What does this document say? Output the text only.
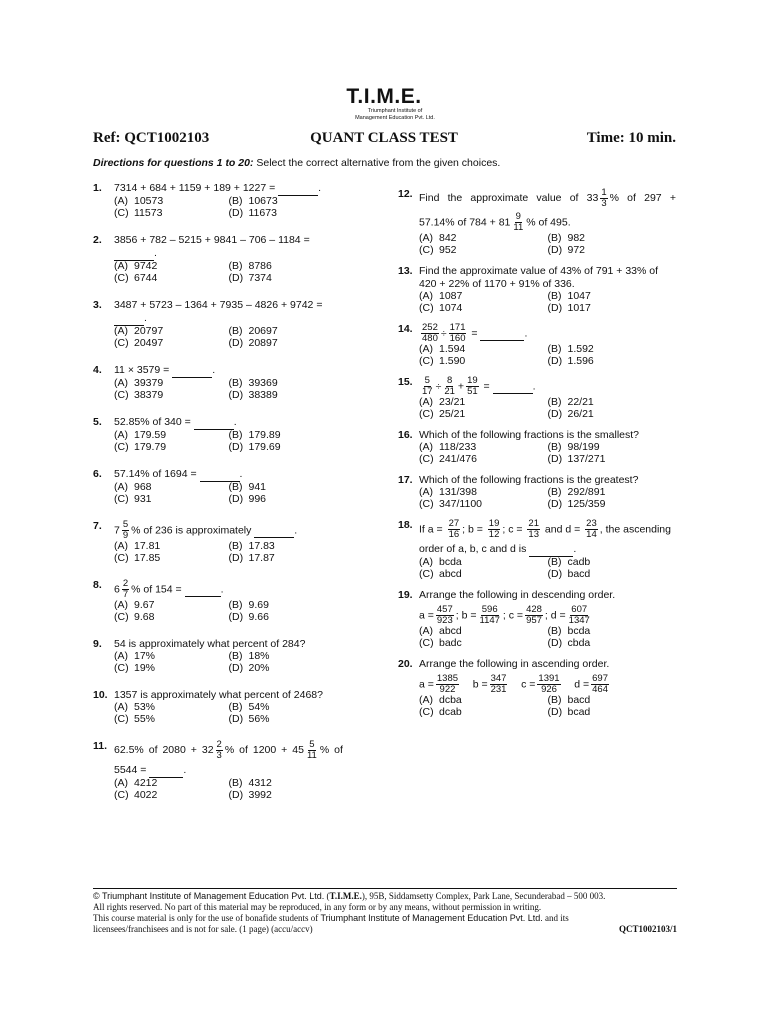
T.I.M.E.
Triumphant Institute of
Management Education Pvt. Ltd.
Ref: QCT1002103	QUANT CLASS TEST	Time: 10 min.
Directions for questions 1 to 20: Select the correct alternative from the given choices.
1. 7314 + 684 + 1159 + 189 + 1227 =	.
(A) 10573	(B) 10673
(C) 11573	(D) 11673
2. 3856 + 782 – 5215 + 9841 – 706 – 1184 =  .
(A) 9742	(B) 8786
(C) 6744	(D) 7374
3. 3487 + 5723 – 1364 + 7935 – 4826 + 9742 =  .
(A) 20797	(B) 20697
(C) 20497	(D) 20897
4. 11 × 3579 =	.
(A) 39379	(B) 39369
(C) 38379	(D) 38389
5. 52.85% of 340 =	.
(A) 179.59	(B) 179.89
(C) 179.79	(D) 179.69
6. 57.14% of 1694 =	.
(A) 968	(B) 941
(C) 931	(D) 996
7. $7 \frac{5}{9}$ % of 236 is approximately	.
(A) 17.81	(B) 17.83
(C) 17.85	(D) 17.87
8. $6 \frac{2}{7}$ % of 154 =	.
(A) 9.67	(B) 9.69
(C) 9.68	(D) 9.66
9. 54 is approximately what percent of 284?
(A) 17%	(B) 18%
(C) 19%	(D) 20%
10. 1357 is approximately what percent of 2468?
(A) 53%	(B) 54%
(C) 55%	(D) 56%
11. 62.5% of $2080 + 32 \frac{2}{3}$ % of $1200 + 45 \frac{5}{11}$ % of
5544 =	.
(A) 4212	(B) 4312
(C) 4022	(D) 3992
12. Find the approximate value of $33 \frac{1}{3}$ % of 297 +
57.14% of $784 + 81 \frac{9}{11}$ % of 495.
(A) 842	(B) 982
(C) 952	(D) 972
13. Find the approximate value of 43% of 791 + 33% of 420 + 22% of 1170 + 91% of 336.
(A) 1087	(B) 1047
(C) 1074	(D) 1017
14. $\frac{252}{480} \div \frac{171}{160}$ =	.
(A) 1.594	(B) 1.592
(C) 1.590	(D) 1.596
15. $\frac{5}{17} \div \frac{8}{21} + \frac{19}{51}$ =	.
(A) 23/21	(B) 22/21
(C) 25/21	(D) 26/21
16. Which of the following fractions is the smallest?
(A) 118/233	(B) 98/199
(C) 241/476	(D) 137/271
17. Which of the following fractions is the greatest?
(A) 131/398	(B) 292/891
(C) 347/1100	(D) 125/359
18. If $a = \frac{27}{16}$ ; $b = \frac{19}{12}$ ; $c = \frac{21}{13}$ and $d = \frac{23}{14}$ , the ascending
order of a, b, c and d is	.
(A) bcda	(B) cadb
(C) abcd	(D) bacd
19. Arrange the following in descending order.
$a = \frac{457}{923}$ ; $b = \frac{596}{1147}$ ; $c = \frac{428}{957}$ ; $d = \frac{607}{1347}$
(A) abcd	(B) bcda
(C) badc	(D) cbda
20. Arrange the following in ascending order.
$a = \frac{1385}{922}$ $b = \frac{347}{231}$ $c = \frac{1391}{926}$ $d = \frac{697}{464}$
(A) dcba	(B) bacd
(C) dcab	(D) bcad
© Triumphant Institute of Management Education Pvt. Ltd. (T.I.M.E.), 95B, Siddamsetty Complex, Park Lane, Secunderabad – 500 003.
All rights reserved. No part of this material may be reproduced, in any form or by any means, without permission in writing.
This course material is only for the use of bonafide students of Triumphant Institute of Management Education Pvt. Ltd. and its
licensees/franchisees and is not for sale. (1 page) (accu/accv)	QCT1002103/1
